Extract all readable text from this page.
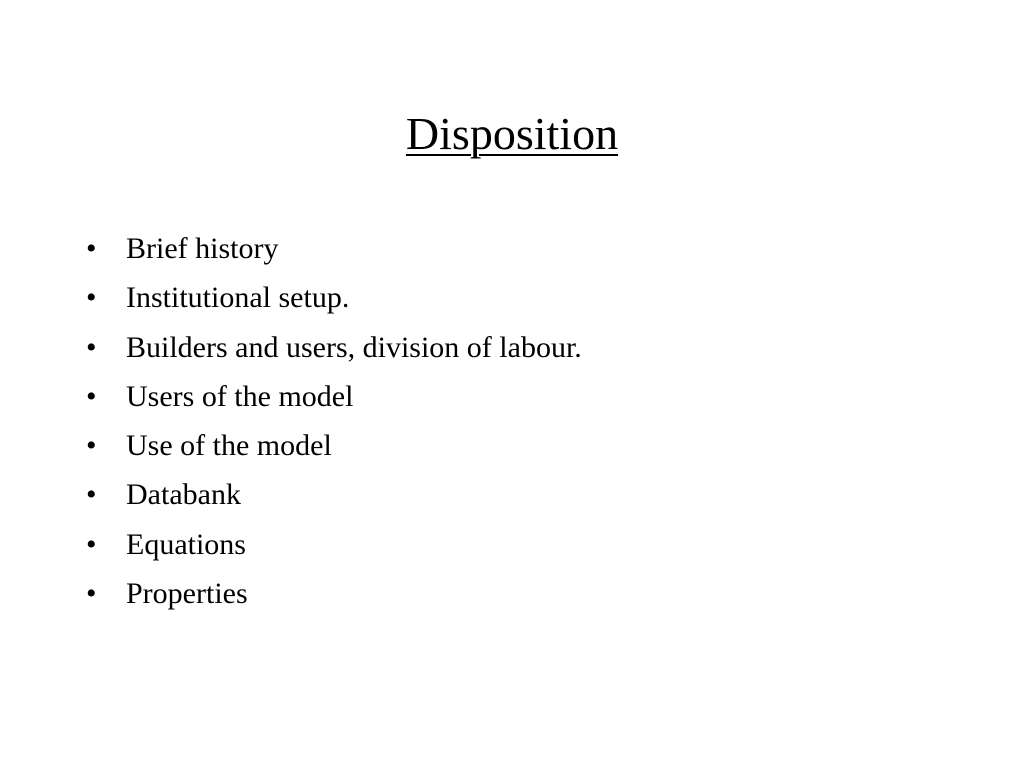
Disposition
• Brief history
• Institutional setup.
• Builders and users, division of labour.
• Users of the model
• Use of the model
• Databank
• Equations
• Properties
